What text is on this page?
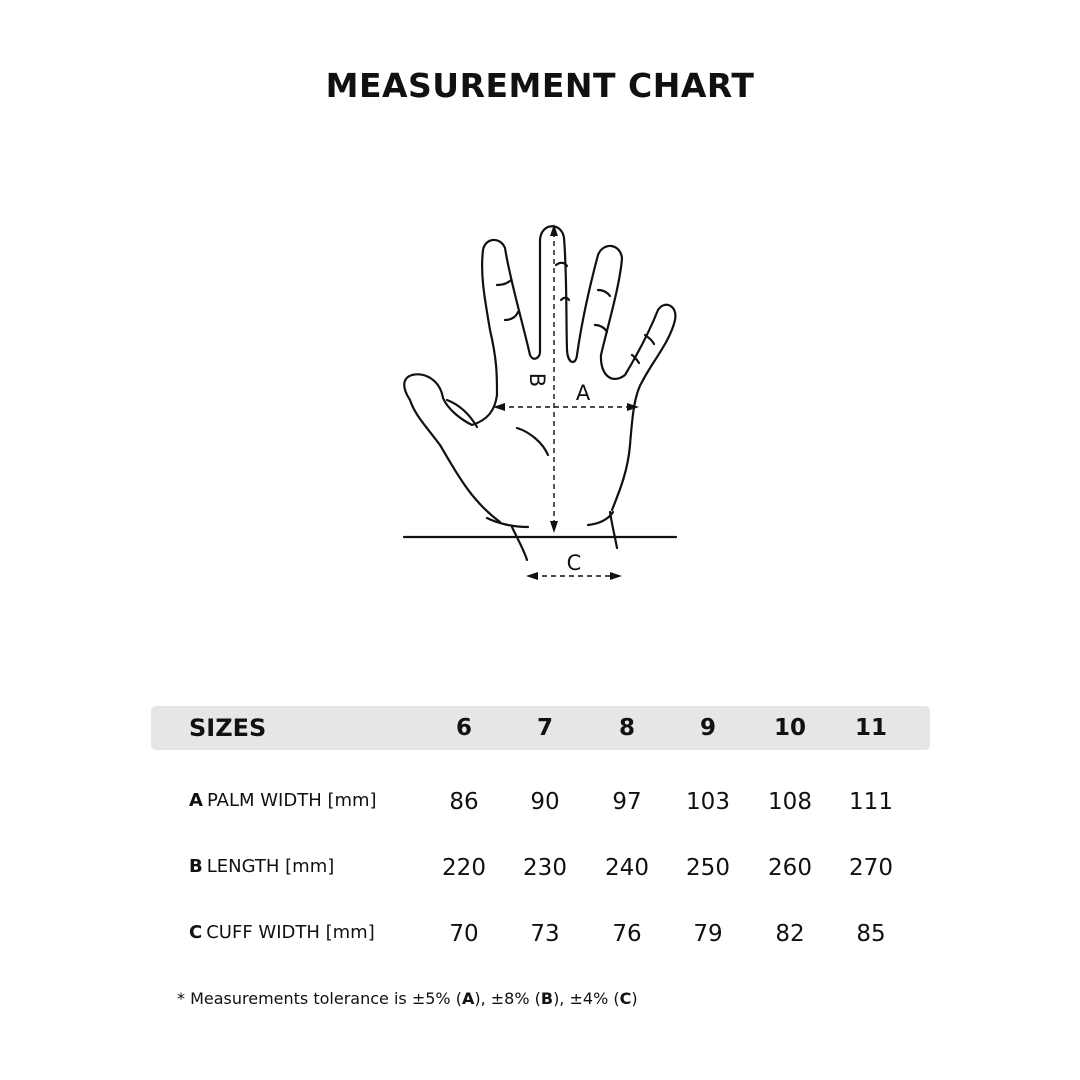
MEASUREMENT CHART
A
B
C
SIZES	6	7	8	9	10	11
A PALM WIDTH [mm]	86	90	97	103	108	111
B LENGTH [mm]	220	230	240	250	260	270
C CUFF WIDTH [mm]	70	73	76	79	82	85
* Measurements tolerance is ±5% (A), ±8% (B), ±4% (C)
